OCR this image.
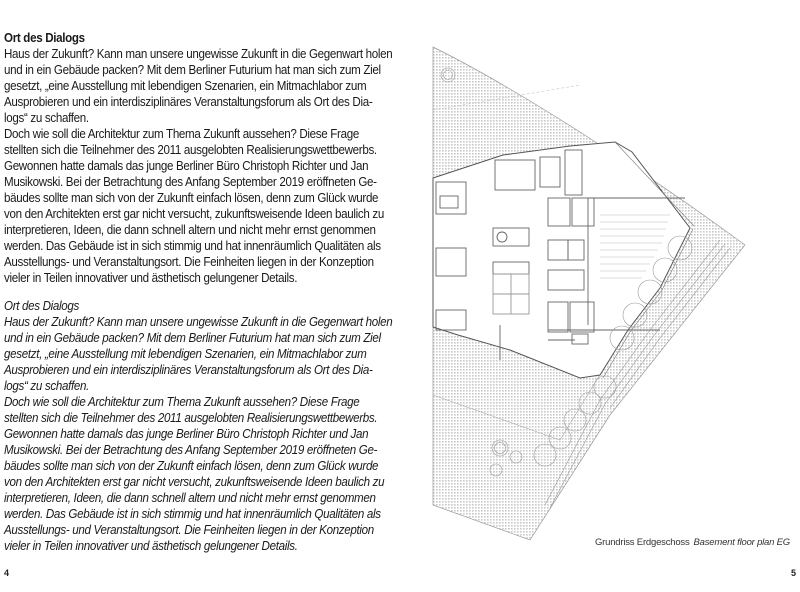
Ort des Dialogs

Haus der Zukunft? Kann man unsere ungewisse Zukunft in die Gegenwart holen
und in ein Gebäude packen? Mit dem Berliner Futurium hat man sich zum Ziel
gesetzt, „eine Ausstellung mit lebendigen Szenarien, ein Mitmachlabor zum
Ausprobieren und ein interdisziplinäres Veranstaltungsforum als Ort des Dia-
logs“ zu schaffen.

Doch wie soll die Architektur zum Thema Zukunft aussehen? Diese Frage
stellten sich die Teilnehmer des 2011 ausgelobten Realisierungswettbewerbs.
Gewonnen hatte damals das junge Berliner Büro Christoph Richter und Jan
Musikowski. Bei der Betrachtung des Anfang September 2019 eröffneten Ge-
bäudes sollte man sich von der Zukunft einfach lösen, denn zum Glück wurde
von den Architekten erst gar nicht versucht, zukunftsweisende Ideen baulich zu
interpretieren, Ideen, die dann schnell altern und nicht mehr ernst genommen
werden. Das Gebäude ist in sich stimmig und hat innenräumlich Qualitäten als
Ausstellungs- und Veranstaltungsort. Die Feinheiten liegen in der Konzeption
vieler in Teilen innovativer und ästhetisch gelungener Details.

Ort des Dialogs

Haus der Zukunft? Kann man unsere ungewisse Zukunft in die Gegenwart holen
und in ein Gebäude packen? Mit dem Berliner Futurium hat man sich zum Ziel
gesetzt, „eine Ausstellung mit lebendigen Szenarien, ein Mitmachlabor zum
Ausprobieren und ein interdisziplinäres Veranstaltungsforum als Ort des Dia-
logs“ zu schaffen.

Doch wie soll die Architektur zum Thema Zukunft aussehen? Diese Frage
stellten sich die Teilnehmer des 2011 ausgelobten Realisierungswettbewerbs.
Gewonnen hatte damals das junge Berliner Büro Christoph Richter und Jan
Musikowski. Bei der Betrachtung des Anfang September 2019 eröffneten Ge-
bäudes sollte man sich von der Zukunft einfach lösen, denn zum Glück wurde
von den Architekten erst gar nicht versucht, zukunftsweisende Ideen baulich zu
interpretieren, Ideen, die dann schnell altern und nicht mehr ernst genommen
werden. Das Gebäude ist in sich stimmig und hat innenräumlich Qualitäten als
Ausstellungs- und Veranstaltungsort. Die Feinheiten liegen in der Konzeption
vieler in Teilen innovativer und ästhetisch gelungener Details.

4
Grundriss Erdgeschoss Basement floor plan EG
5
